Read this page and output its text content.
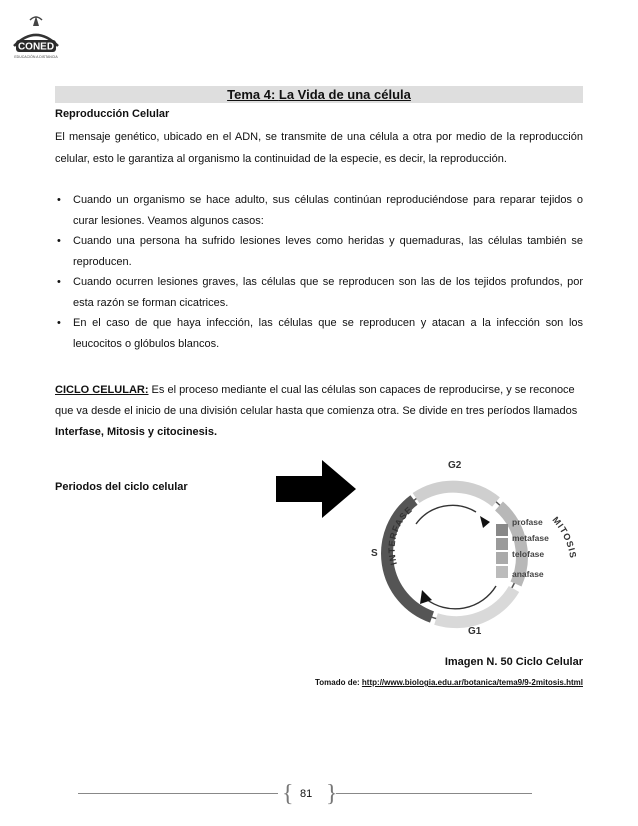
CONED
EDUCACIÓN A DISTANCIA
Tema 4: La Vida de una célula
Reproducción Celular
El mensaje genético, ubicado en el ADN, se transmite de una célula a otra por medio de la reproducción celular, esto le garantiza al organismo la continuidad de la especie, es decir, la reproducción.
• Cuando un organismo se hace adulto, sus células continúan reproduciéndose para reparar tejidos o curar lesiones. Veamos algunos casos:
• Cuando una persona ha sufrido lesiones leves como heridas y quemaduras, las células también se reproducen.
• Cuando ocurren lesiones graves, las células que se reproducen son las de los tejidos profundos, por esta razón se forman cicatrices.
• En el caso de que haya infección, las células que se reproducen y atacan a la infección son los leucocitos o glóbulos blancos.
CICLO CELULAR: Es el proceso mediante el cual las células son capaces de reproducirse, y se reconoce que va desde el inicio de una división celular hasta que comienza otra. Se divide en tres períodos llamados Interfase, Mitosis y citocinesis.
Periodos del ciclo celular
G2
S
G1
INTERFASE
MITOSIS
profase
metafase
telofase
anafase
Imagen N. 50 Ciclo Celular
Tomado de: http://www.biologia.edu.ar/botanica/tema9/9-2mitosis.html
{ }
81
